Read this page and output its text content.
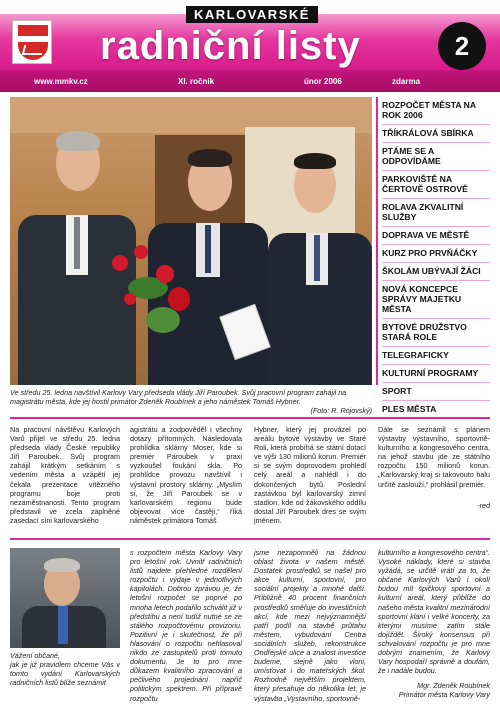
KARLOVARSKÉ
radniční listy	2
www.mmkv.cz	XI. ročník	únor 2006	zdarma
Ve středu 25. ledna navštívil Karlovy Vary předseda vlády Jiří Paroubek. Svůj pracovní program zahájil na magistrátu města, kde jej hostil primátor Zdeněk Roubínek a jeho náměstek Tomáš Hybner.
(Foto: R. Rojovský)
ROZPOČET MĚSTA NA ROK 2006
TŘÍKRÁLOVÁ SBÍRKA
PTÁME SE A ODPOVÍDÁME
PARKOVIŠTĚ NA ČERTOVĚ OSTROVĚ
ROLAVA ZKVALITNÍ SLUŽBY
DOPRAVA VE MĚSTĚ
KURZ PRO PRVŇÁČKY
ŠKOLÁM UBÝVAJÍ ŽÁCI
NOVÁ KONCEPCE SPRÁVY MAJETKU MĚSTA
BYTOVÉ DRUŽSTVO STARÁ ROLE
TELEGRAFICKY
KULTURNÍ PROGRAMY
SPORT
PLES MĚSTA
Na pracovní návštěvu Karlových Varů přijel ve středu 25. ledna předseda vlády České republiky Jiří Paroubek. Svůj program zahájil krátkým setkáním s vedením města a vzápětí jej čekala prezentace vítězného programu boje proti nezaměstnanosti. Tento program představil ve zcela zaplněné zasedací síni karlovarského
agistrátu a zodpověděl i všechny dotazy přítomných. Následovala prohlídka sklárny Moser, kde si premiér Paroubek v praxi vyzkoušel foukání skla. Po prohlídce provozu navštívil i výstavní prostory sklárny. „Myslím si, že Jiří Paroubek se v karlovarském regionu bude objevovat více častěji,“ říká náměstek primátora Tomáš
Hybner, který jej provázel po areálu bytové výstavby ve Staré Roli, která probíhá se státní dotací ve výši 130 milionů korun. Premiér si se svým doprovodem prohlédl celý areál a nahlédl i do dokončených bytů. Poslední zastávkou byl karlovarský zimní stadion, kde od žákovského oddílu dostal Jiří Paroubek dres se svým jménem.
Dále se seznámil s plánem výstavby výstavního, sportovně-kulturního a kongresového centra, na jehož stavbu jde ze státního rozpočtu 150 milionů korun. „Karlovarský kraj si takovouto halu určitě zaslouží,“ prohlásil premiér.
-red
Vážení občané,
jak je již pravidlem chceme Vás v tomto vydání Karlovarských radničních listů blíže seznámit
s rozpočtem města Karlovy Vary pro letošní rok. Uvnitř radničních listů najdete přehledné rozdělení rozpočtu i výdaje v jednotlivých kapitolách. Dobrou zprávou je, že letošní rozpočet se poprvé po mnoha letech podařilo schválit již v předstihu a není tudíž nutné se ze stálého rozpočtovému provizoriu. Pozitivní je i skutečnost, že při hlasování o rozpočtu nehlasoval nikdo ze zastupitelů proti tomuto dokumentu. Je to pro mne důkazem kvalitního zpracování a pečlivého projednání napříč politickým spektrem. Při přípravě rozpočtu
jsme nezapomněli na žádnou oblast života v našem městě. Dostatek prostředků se našel pro akce kulturní, sportovní, pro sociální projekty a mnohé další. Přibližně 40 procent finančních prostředků směřuje do investičních akcí, kde mezi nejvýznamnější patří podíl na stavbě průtahu městem, vybudování Centra sociálních služeb, rekonstrukce Ondřejské ulice a znalost investice budeme, stejně jako vloni, umísťovat i do mateřských škol. Rozhodně největším projektem, který přesahuje do několika let, je výstavba „Výstavního, sportovně-
kulturního a kongresového centra“. Vysoké náklady, které si stavba vyžádá, se určitě vrátí za to, že občané Karlových Varů i okolí budou mít špičkový sportovní a kulturní areál, který přiblíže do našeho města kvalitní mezinárodní sportovní klání i velké koncerty, za kterými musíme zatím stále dojíždět. Široký konsensus při schvalování rozpočtu je pro mne dobrým znamením, že Karlovy Vary hospodaří správně a doufám, že i nadále budou.
Mgr. Zdeněk Roubínek
Primátor města Karlovy Vary
